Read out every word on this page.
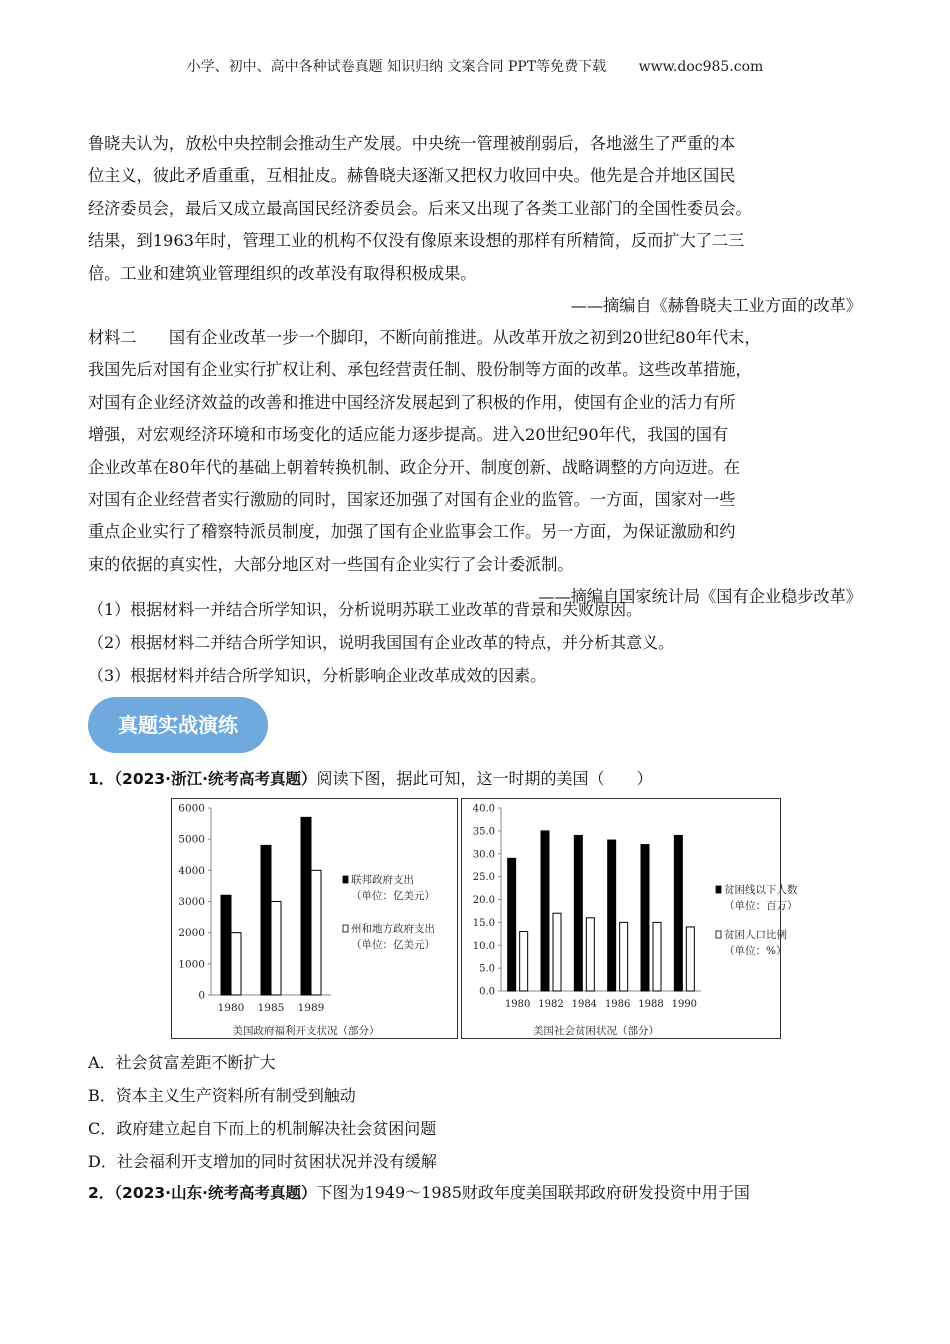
小学、初中、高中各种试卷真题 知识归纳 文案合同 PPT等免费下载 www.doc985.com
鲁晓夫认为，放松中央控制会推动生产发展。中央统一管理被削弱后，各地滋生了严重的本
位主义，彼此矛盾重重，互相扯皮。赫鲁晓夫逐渐又把权力收回中央。他先是合并地区国民
经济委员会，最后又成立最高国民经济委员会。后来又出现了各类工业部门的全国性委员会。
结果，到1963年时，管理工业的机构不仅没有像原来设想的那样有所精简，反而扩大了二三
倍。工业和建筑业管理组织的改革没有取得积极成果。
——摘编自《赫鲁晓夫工业方面的改革》
材料二　　国有企业改革一步一个脚印，不断向前推进。从改革开放之初到20世纪80年代末，
我国先后对国有企业实行扩权让利、承包经营责任制、股份制等方面的改革。这些改革措施，
对国有企业经济效益的改善和推进中国经济发展起到了积极的作用，使国有企业的活力有所
增强，对宏观经济环境和市场变化的适应能力逐步提高。进入20世纪90年代，我国的国有
企业改革在80年代的基础上朝着转换机制、政企分开、制度创新、战略调整的方向迈进。在
对国有企业经营者实行激励的同时，国家还加强了对国有企业的监管。一方面，国家对一些
重点企业实行了稽察特派员制度，加强了国有企业监事会工作。另一方面，为保证激励和约
束的依据的真实性，大部分地区对一些国有企业实行了会计委派制。
——摘编自国家统计局《国有企业稳步改革》
（1）根据材料一并结合所学知识，分析说明苏联工业改革的背景和失败原因。
（2）根据材料二并结合所学知识，说明我国国有企业改革的特点，并分析其意义。
（3）根据材料并结合所学知识，分析影响企业改革成效的因素。
真题实战演练
1．（2023·浙江·统考高考真题）阅读下图，据此可知，这一时期的美国（　　）
0
1000
2000
3000
4000
5000
6000
1980 1985 1989
联邦政府支出
（单位：亿美元）
州和地方政府支出
（单位：亿美元）
美国政府福利开支状况（部分）
0.0
5.0
10.0
15.0
20.0
25.0
30.0
35.0
40.0
1980 1982 1984 1986 1988 1990
贫困线以下人数
（单位：百万）
贫困人口比例
（单位：%）
美国社会贫困状况（部分）
A．社会贫富差距不断扩大
B．资本主义生产资料所有制受到触动
C．政府建立起自下而上的机制解决社会贫困问题
D．社会福利开支增加的同时贫困状况并没有缓解
2．（2023·山东·统考高考真题）下图为1949～1985财政年度美国联邦政府研发投资中用于国
